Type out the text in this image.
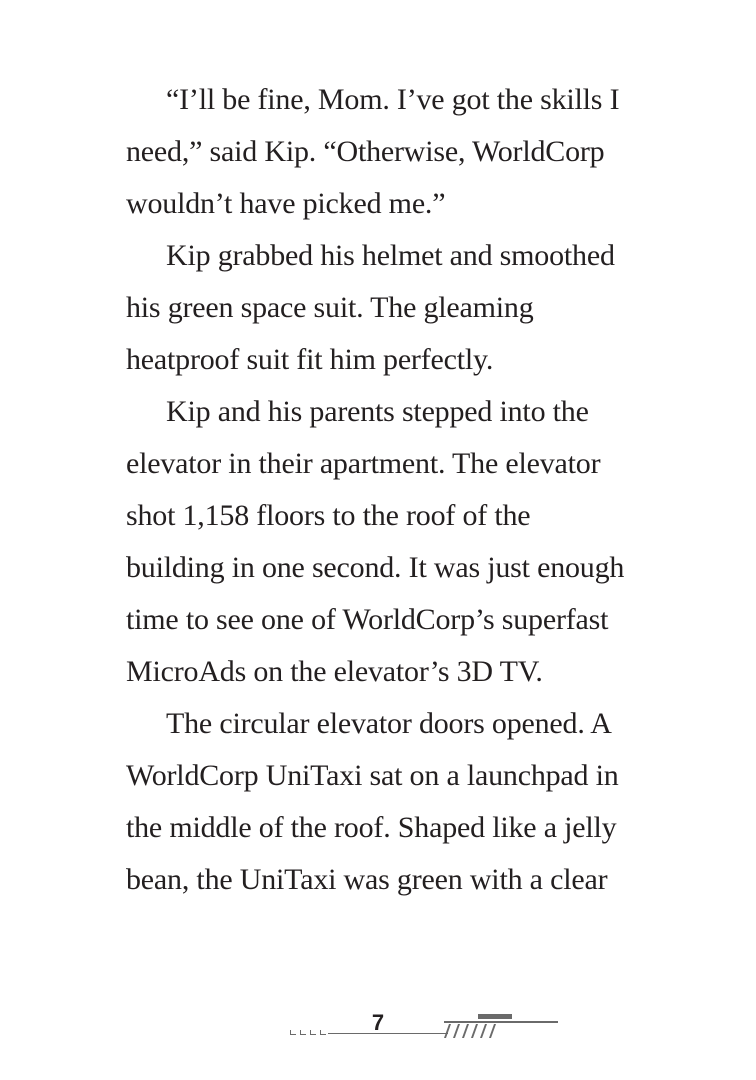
“I’ll be fine, Mom. I’ve got the skills I
need,” said Kip. “Otherwise, WorldCorp
wouldn’t have picked me.”
Kip grabbed his helmet and smoothed
his green space suit. The gleaming
heatproof suit fit him perfectly.
Kip and his parents stepped into the
elevator in their apartment. The elevator
shot 1,158 floors to the roof of the
building in one second. It was just enough
time to see one of WorldCorp’s superfast
MicroAds on the elevator’s 3D TV.
The circular elevator doors opened. A
WorldCorp UniTaxi sat on a launchpad in
the middle of the roof. Shaped like a jelly
bean, the UniTaxi was green with a clear
7
